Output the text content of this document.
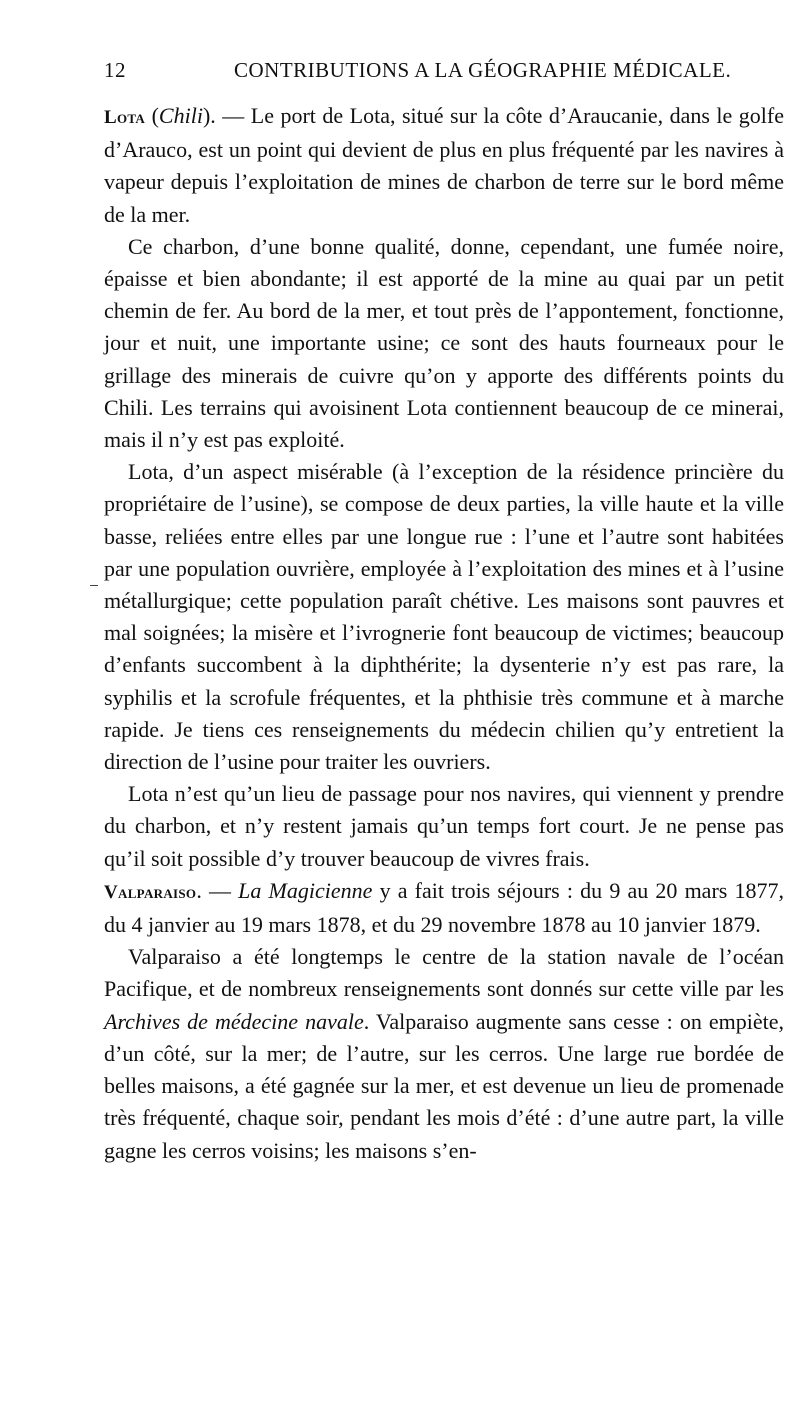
12	CONTRIBUTIONS A LA GÉOGRAPHIE MÉDICALE.

Lota (Chili). — Le port de Lota, situé sur la côte d’Araucanie, dans le golfe d’Arauco, est un point qui devient de plus en plus fréquenté par les navires à vapeur depuis l’exploitation de mines de charbon de terre sur le bord même de la mer.

Ce charbon, d’une bonne qualité, donne, cependant, une fumée noire, épaisse et bien abondante; il est apporté de la mine au quai par un petit chemin de fer. Au bord de la mer, et tout près de l’appontement, fonctionne, jour et nuit, une importante usine; ce sont des hauts fourneaux pour le grillage des minerais de cuivre qu’on y apporte des différents points du Chili. Les terrains qui avoisinent Lota contiennent beaucoup de ce minerai, mais il n’y est pas exploité.

Lota, d’un aspect misérable (à l’exception de la résidence princière du propriétaire de l’usine), se compose de deux parties, la ville haute et la ville basse, reliées entre elles par une longue rue : l’une et l’autre sont habitées par une population ouvrière, employée à l’exploitation des mines et à l’usine métallurgique; cette population paraît chétive. Les maisons sont pauvres et mal soignées; la misère et l’ivrognerie font beaucoup de victimes; beaucoup d’enfants succombent à la diphthérite; la dysenterie n’y est pas rare, la syphilis et la scrofule fréquentes, et la phthisie très commune et à marche rapide. Je tiens ces renseignements du médecin chilien qu’y entretient la direction de l’usine pour traiter les ouvriers.

Lota n’est qu’un lieu de passage pour nos navires, qui viennent y prendre du charbon, et n’y restent jamais qu’un temps fort court. Je ne pense pas qu’il soit possible d’y trouver beaucoup de vivres frais.

Valparaiso. — La Magicienne y a fait trois séjours : du 9 au 20 mars 1877, du 4 janvier au 19 mars 1878, et du 29 novembre 1878 au 10 janvier 1879.

Valparaiso a été longtemps le centre de la station navale de l’océan Pacifique, et de nombreux renseignements sont donnés sur cette ville par les Archives de médecine navale. Valparaiso augmente sans cesse : on empiète, d’un côté, sur la mer; de l’autre, sur les cerros. Une large rue bordée de belles maisons, a été gagnée sur la mer, et est devenue un lieu de promenade très fréquenté, chaque soir, pendant les mois d’été : d’une autre part, la ville gagne les cerros voisins; les maisons s’en-
